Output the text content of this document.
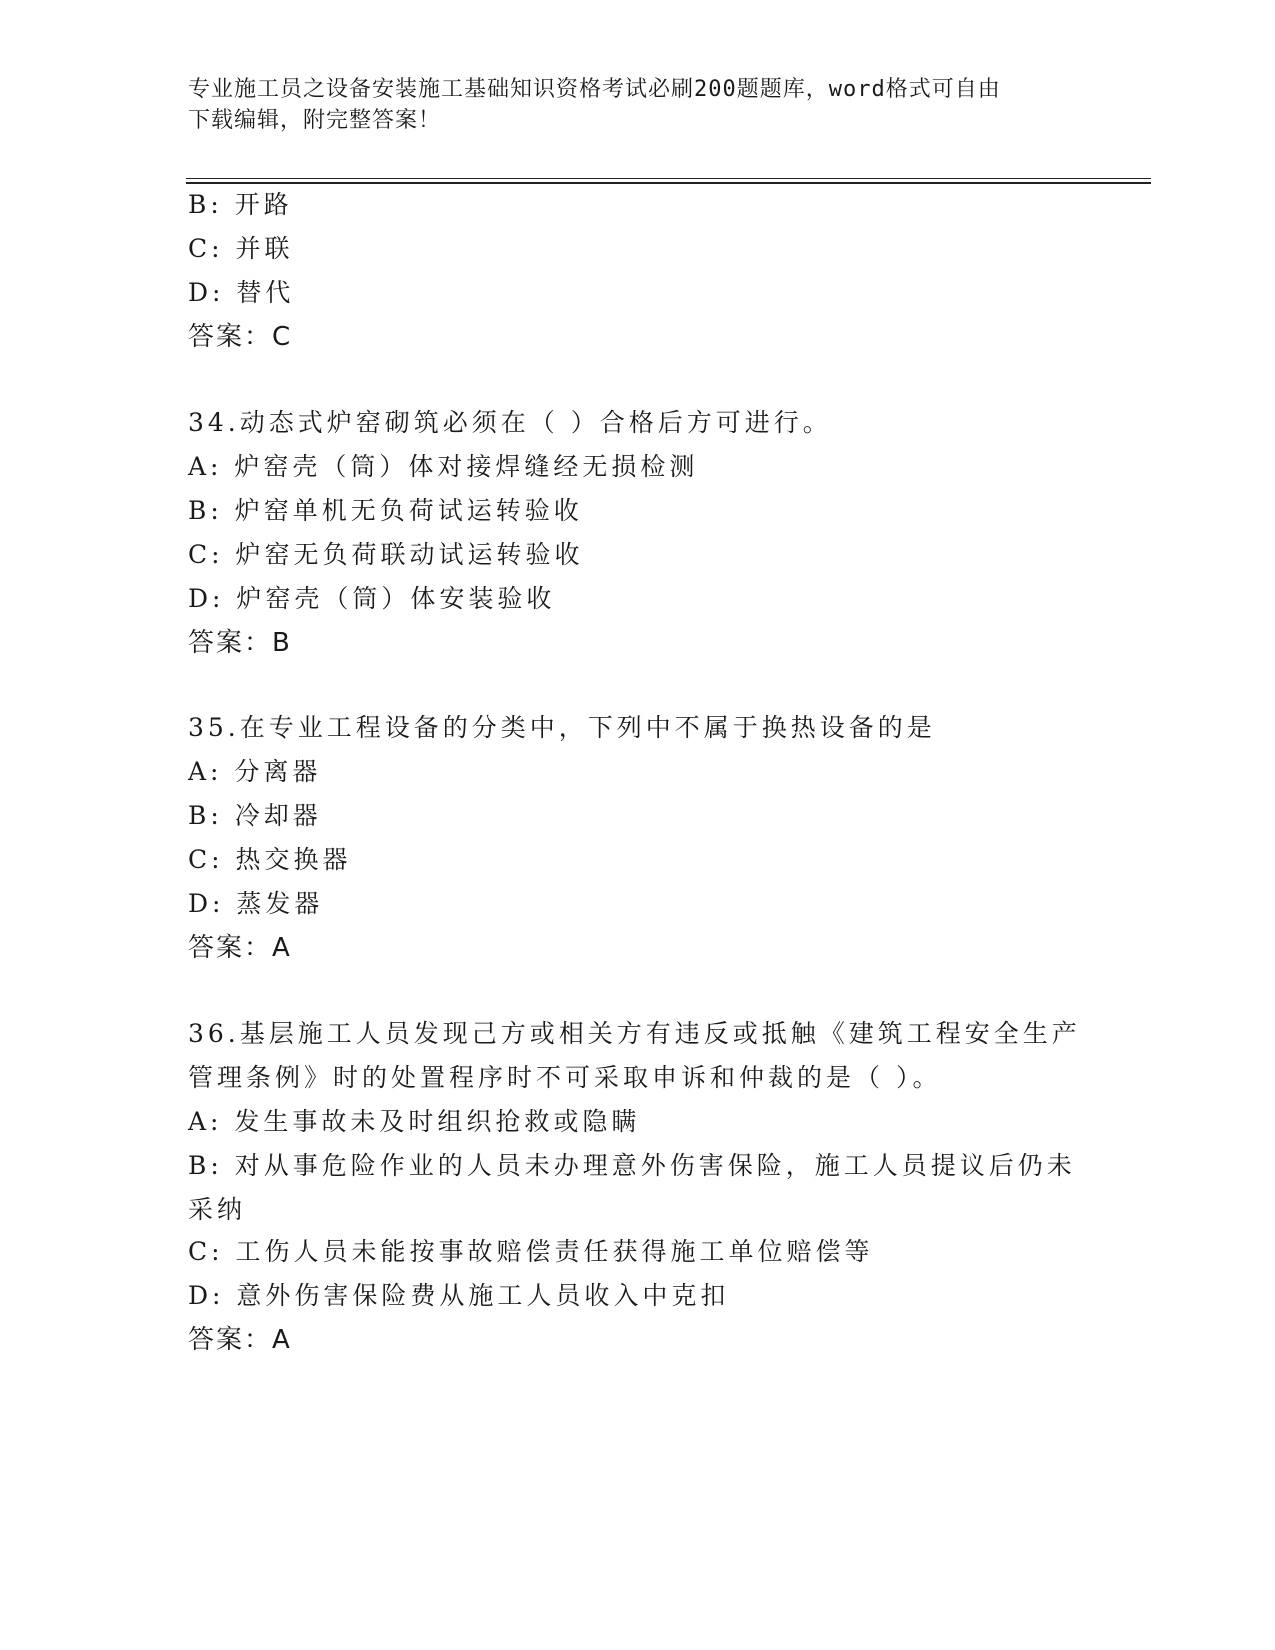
专业施工员之设备安装施工基础知识资格考试必刷200题题库，word格式可自由
下载编辑，附完整答案！
B: 开路
C: 并联
D: 替代
答案：C
34.动态式炉窑砌筑必须在（ ）合格后方可进行。
A: 炉窑壳（筒）体对接焊缝经无损检测
B: 炉窑单机无负荷试运转验收
C: 炉窑无负荷联动试运转验收
D: 炉窑壳（筒）体安装验收
答案：B
35.在专业工程设备的分类中，下列中不属于换热设备的是
A: 分离器
B: 冷却器
C: 热交换器
D: 蒸发器
答案：A
36.基层施工人员发现己方或相关方有违反或抵触《建筑工程安全生产
管理条例》时的处置程序时不可采取申诉和仲裁的是（ ）。
A: 发生事故未及时组织抢救或隐瞒
B: 对从事危险作业的人员未办理意外伤害保险，施工人员提议后仍未
采纳
C: 工伤人员未能按事故赔偿责任获得施工单位赔偿等
D: 意外伤害保险费从施工人员收入中克扣
答案：A
